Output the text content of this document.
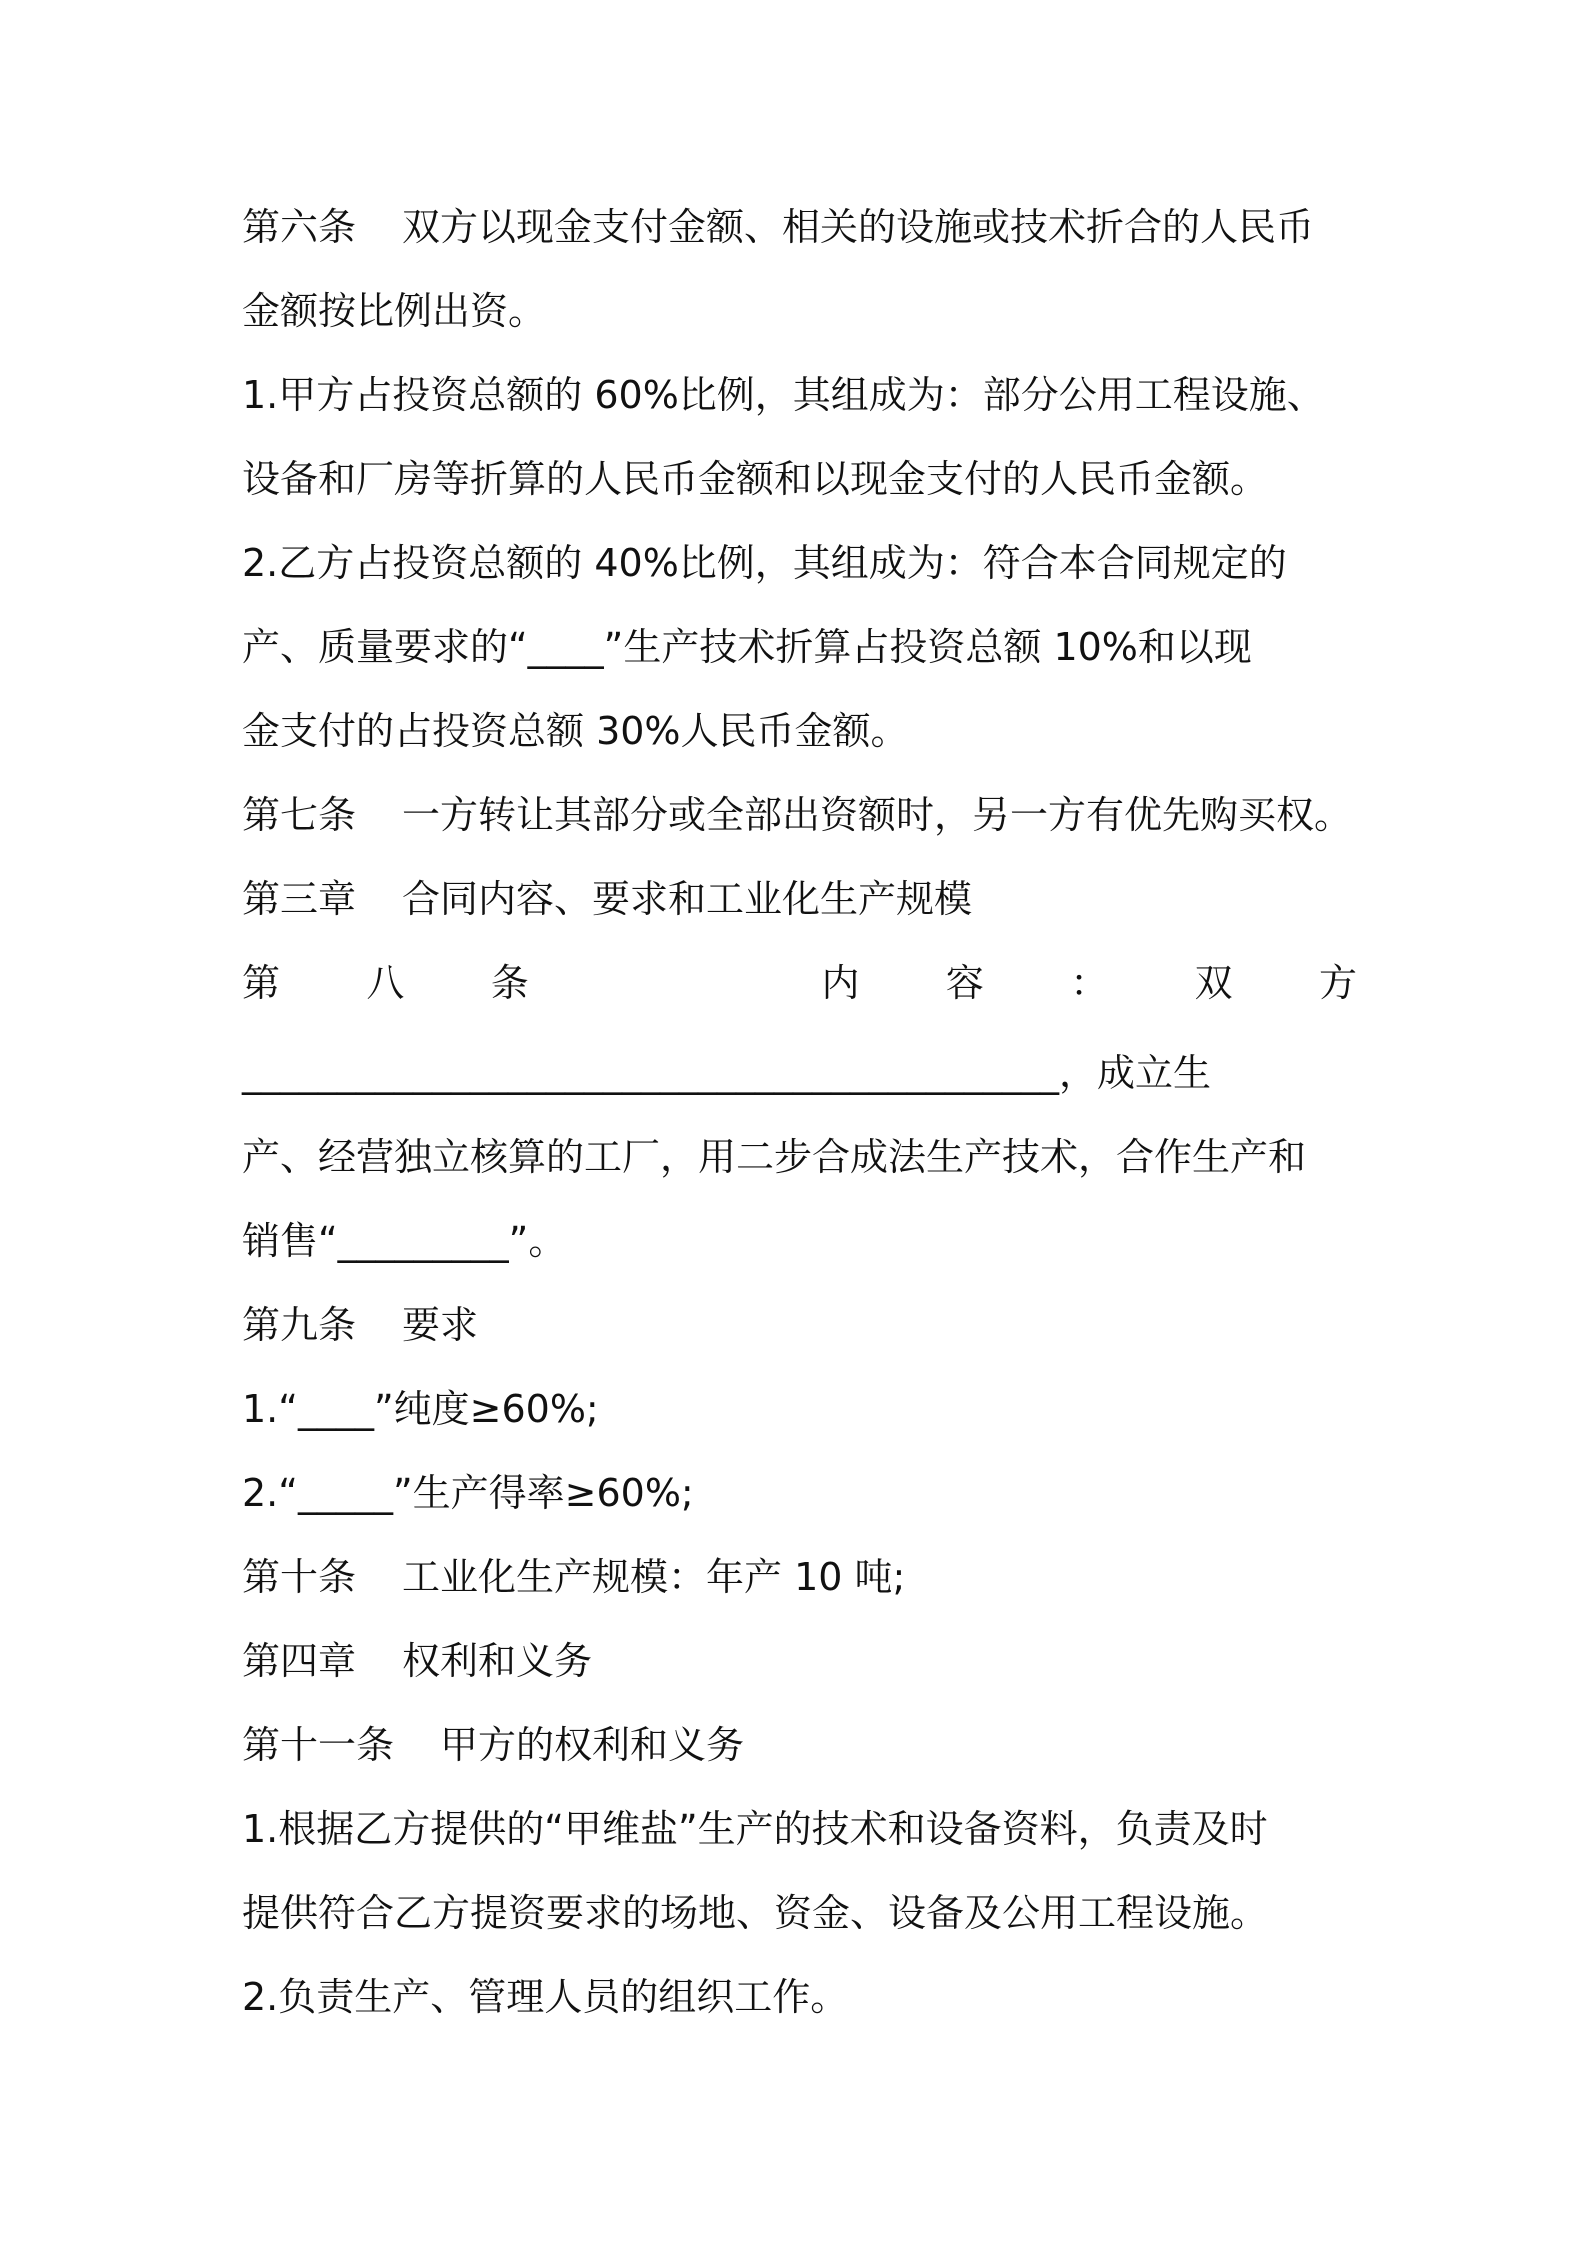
第六条 双方以现金支付金额、相关的设施或技术折合的人民币
金额按比例出资。
1.甲方占投资总额的 60%比例，其组成为：部分公用工程设施、
设备和厂房等折算的人民币金额和以现金支付的人民币金额。
2.乙方占投资总额的 40%比例，其组成为：符合本合同规定的
产、质量要求的“____”生产技术折算占投资总额 10%和以现
金支付的占投资总额 30%人民币金额。
第七条 一方转让其部分或全部出资额时，另一方有优先购买权。
第三章 合同内容、要求和工业化生产规模
第 八 条	内 容 ： 双 方
___________________________________________，成立生
产、经营独立核算的工厂，用二步合成法生产技术，合作生产和
销售“_________”。
第九条 要求
1.“____”纯度≥60%;
2.“_____”生产得率≥60%;
第十条 工业化生产规模：年产 10 吨;
第四章 权利和义务
第十一条 甲方的权利和义务
1.根据乙方提供的“甲维盐”生产的技术和设备资料，负责及时
提供符合乙方提资要求的场地、资金、设备及公用工程设施。
2.负责生产、管理人员的组织工作。
